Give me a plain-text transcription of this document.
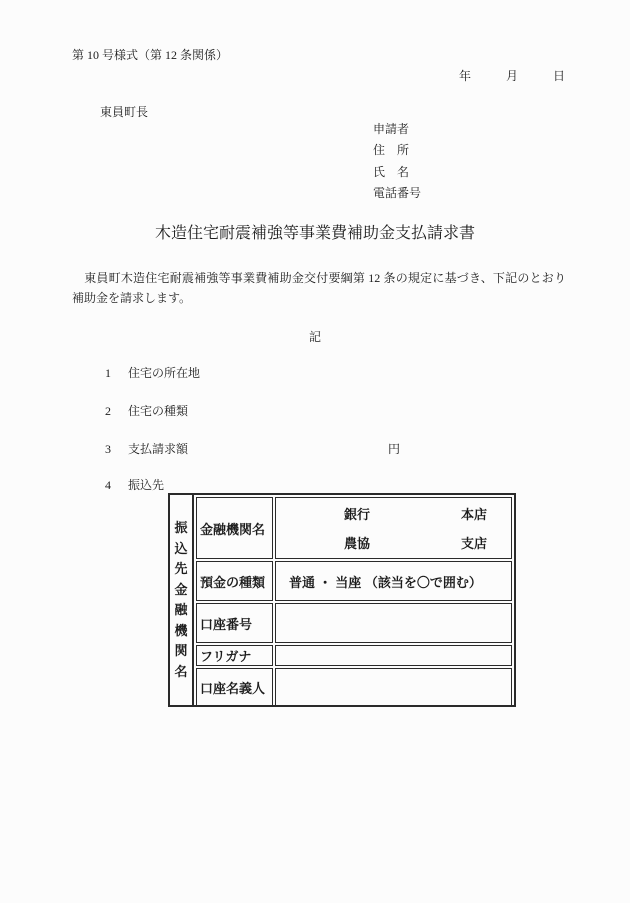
第 10 号様式（第 12 条関係）
年	月	日
東員町長
申請者
住　所
氏　名
電話番号
木造住宅耐震補強等事業費補助金支払請求書
　東員町木造住宅耐震補強等事業費補助金交付要綱第 12 条の規定に基づき、下記のとおり補助金を請求します。
記
1 住宅の所在地
2 住宅の種類
3 支払請求額	円
4 振込先
振
込
先
金
融
機
関
名
金融機関名	銀行 本店
農協 支店

預金の種類	普通 ・ 当座 （該当を〇で囲む）

口座番号	
フリガナ	
口座名義人	
